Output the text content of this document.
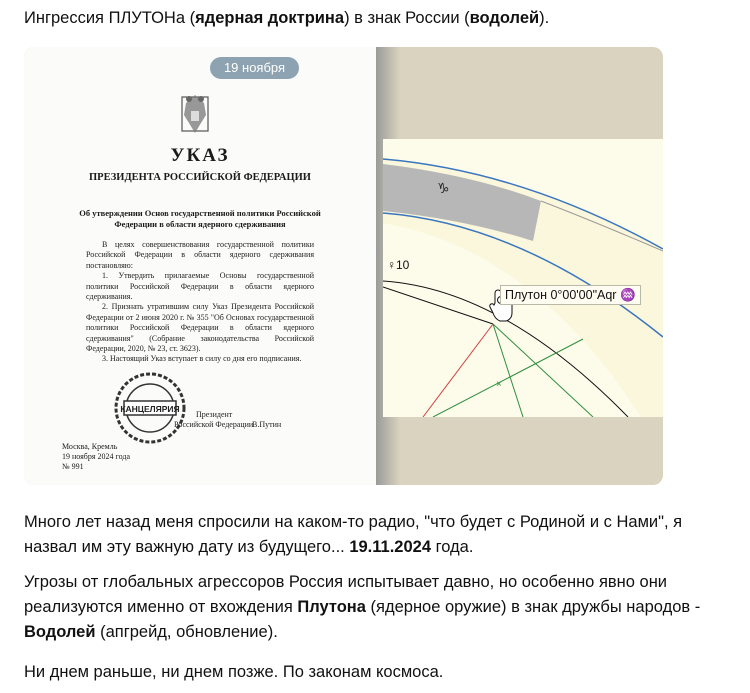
Ингрессия ПЛУТОНа (ядерная доктрина) в знак России (водолей).

УКАЗ
ПРЕЗИДЕНТА РОССИЙСКОЙ ФЕДЕРАЦИИ
Об утверждении Основ государственной политики Российской Федерации в области ядерного сдерживания

В целях совершенствования государственной политики Российской Федерации в области ядерного сдерживания постановляю:

1. Утвердить прилагаемые Основы государственной политики Российской Федерации в области ядерного сдерживания.

2. Признать утратившим силу Указ Президента Российской Федерации от 2 июня 2020 г. № 355 "Об Основах государственной политики Российской Федерации в области ядерного сдерживания" (Собрание законодательства Российской Федерации, 2020, № 23, ст. 3623).

3. Настоящий Указ вступает в силу со дня его подписания.

КАНЦЕЛЯРИЯ
Президент
Российской Федерации
В.Путин
Москва, Кремль
19 ноября 2024 года
№ 991
19 ноября
♑
♀10
×
Плутон 0°00'00"Aqr ♒

Много лет назад меня спросили на каком-то радио, "что будет с Родиной и с Нами", я назвал им эту важную дату из будущего... 19.11.2024 года.

Угрозы от глобальных агрессоров Россия испытывает давно, но особенно явно они реализуются именно от вхождения Плутона (ядерное оружие) в знак дружбы народов - Водолей (апгрейд, обновление).

Ни днем раньше, ни днем позже. По законам космоса.
